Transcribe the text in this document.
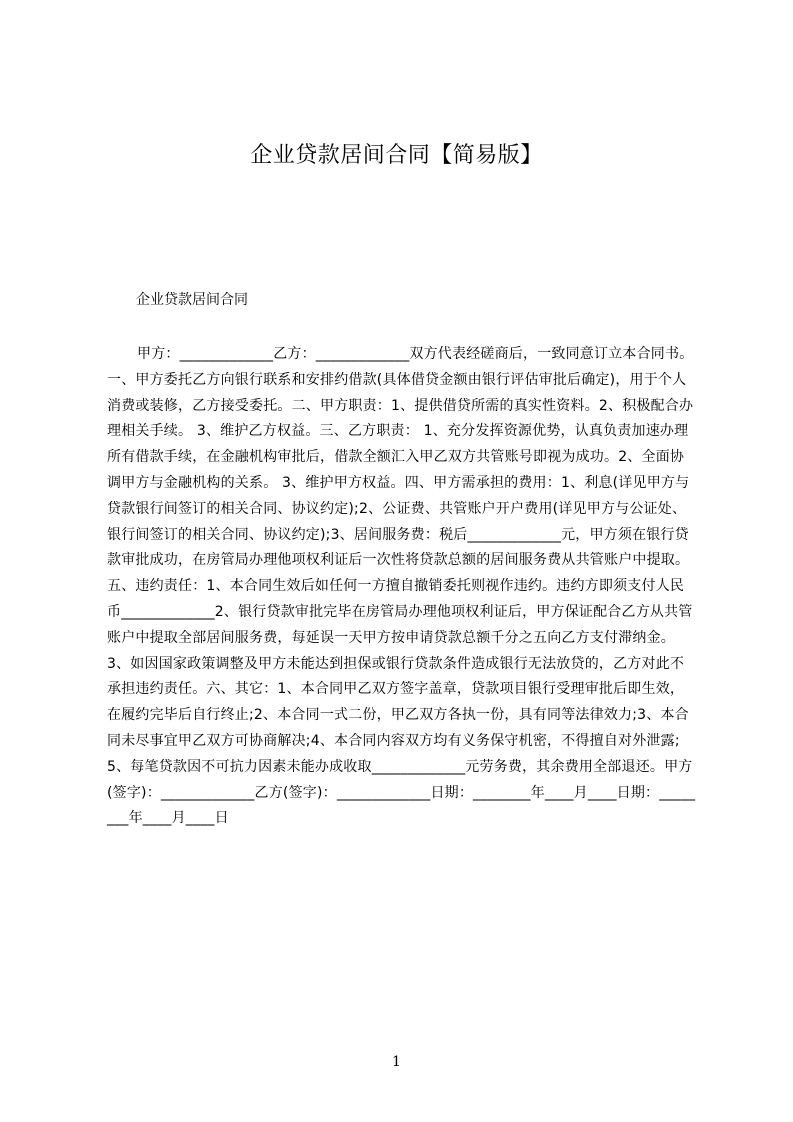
企业贷款居间合同【简易版】

企业贷款居间合同

甲方：_____________乙方：_____________双方代表经磋商后，一致同意订立本合同书。一、甲方委托乙方向银行联系和安排约借款(具体借贷金额由银行评估审批后确定)，用于个人消费或装修，乙方接受委托。二、甲方职责：1、提供借贷所需的真实性资料。2、积极配合办理相关手续。 3、维护乙方权益。三、乙方职责： 1、充分发挥资源优势，认真负责加速办理所有借款手续，在金融机构审批后，借款全额汇入甲乙双方共管账号即视为成功。2、全面协调甲方与金融机构的关系。 3、维护甲方权益。四、甲方需承担的费用：1、利息(详见甲方与贷款银行间签订的相关合同、协议约定);2、公证费、共管账户开户费用(详见甲方与公证处、银行间签订的相关合同、协议约定);3、居间服务费：税后_____________元，甲方须在银行贷款审批成功，在房管局办理他项权利证后一次性将贷款总额的居间服务费从共管账户中提取。五、违约责任：1、本合同生效后如任何一方擅自撤销委托则视作违约。违约方即须支付人民币_____________2、银行贷款审批完毕在房管局办理他项权利证后，甲方保证配合乙方从共管账户中提取全部居间服务费，每延误一天甲方按申请贷款总额千分之五向乙方支付滞纳金。3、如因国家政策调整及甲方未能达到担保或银行贷款条件造成银行无法放贷的，乙方对此不承担违约责任。六、其它：1、本合同甲乙双方签字盖章，贷款项目银行受理审批后即生效，在履约完毕后自行终止;2、本合同一式二份，甲乙双方各执一份，具有同等法律效力;3、本合同未尽事宜甲乙双方可协商解决;4、本合同内容双方均有义务保守机密，不得擅自对外泄露;5、每笔贷款因不可抗力因素未能办成收取_____________元劳务费，其余费用全部退还。甲方(签字)：_____________乙方(签字)：_____________日期：________年____月____日期：________年____月____日

1
